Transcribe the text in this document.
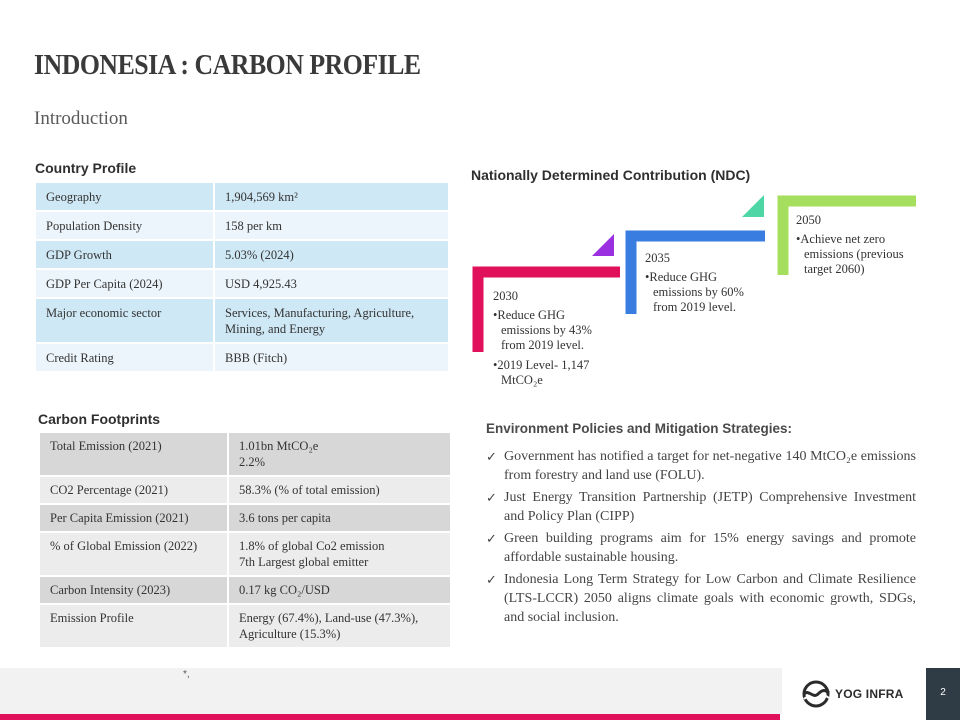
INDONESIA : CARBON PROFILE
Introduction
Country Profile
Geography	1,904,569 km²
Population Density	158 per km
GDP Growth	5.03% (2024)
GDP Per Capita (2024)	USD 4,925.43
Major economic sector	Services, Manufacturing, Agriculture, Mining, and Energy
Credit Rating	BBB (Fitch)
Carbon Footprints
Total Emission (2021)	1.01bn MtCO₂e
2.2%
CO2 Percentage (2021)	58.3% (% of total emission)
Per Capita Emission (2021)	3.6 tons per capita
% of Global Emission (2022)	1.8% of global Co2 emission
7th Largest global emitter
Carbon Intensity (2023)	0.17 kg CO₂/USD
Emission Profile	Energy (67.4%), Land-use (47.3%), Agriculture (15.3%)
Nationally Determined Contribution (NDC)
2030
•Reduce GHG emissions by 43% from 2019 level.
•2019 Level- 1,147 MtCO₂e
2035
•Reduce GHG emissions by 60% from 2019 level.
2050
•Achieve net zero emissions (previous target 2060)
Environment Policies and Mitigation Strategies:
✓ Government has notified a target for net-negative 140 MtCO₂e emissions from forestry and land use (FOLU).
✓ Just Energy Transition Partnership (JETP) Comprehensive Investment and Policy Plan (CIPP)
✓ Green building programs aim for 15% energy savings and promote affordable sustainable housing.
✓ Indonesia Long Term Strategy for Low Carbon and Climate Resilience (LTS-LCCR) 2050 aligns climate goals with economic growth, SDGs, and social inclusion.
*,
YOG INFRA	2
